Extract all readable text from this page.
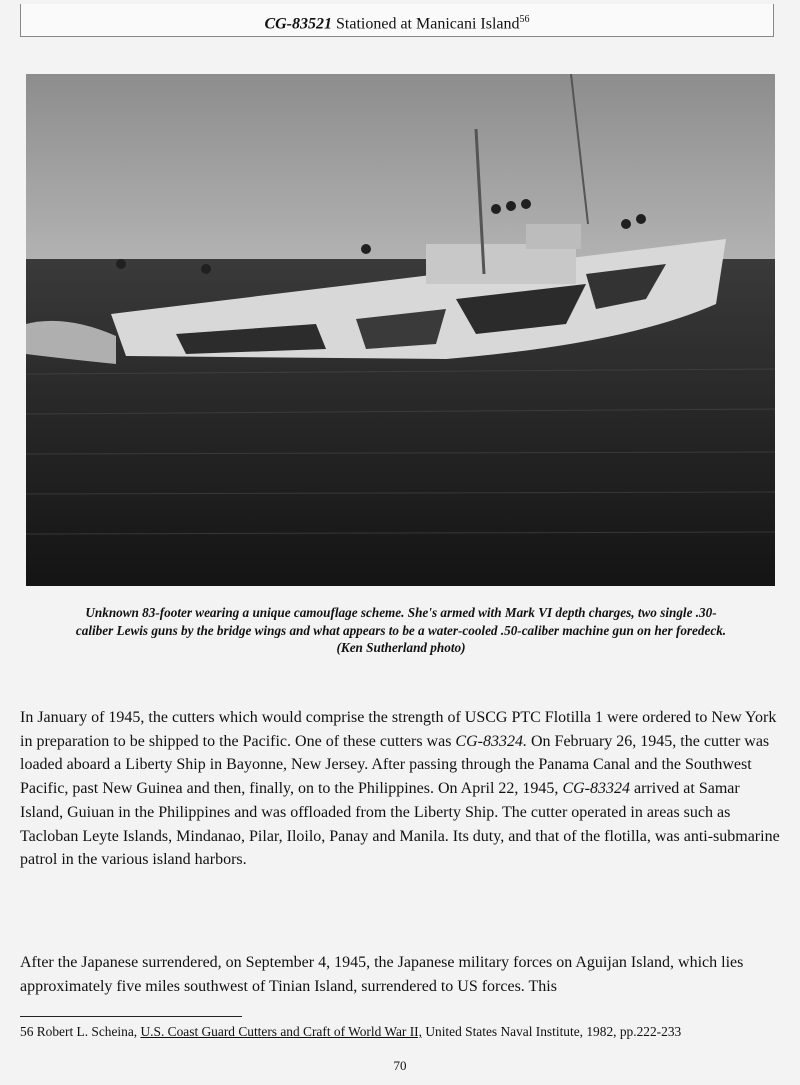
CG-83521 Stationed at Manicani Island$^{56}$
Unknown 83-footer wearing a unique camouflage scheme. She's armed with Mark VI depth charges, two single .30-
caliber Lewis guns by the bridge wings and what appears to be a water-cooled .50-caliber machine gun on her foredeck.
(Ken Sutherland photo)

In January of 1945, the cutters which would comprise the strength of USCG PTC Flotilla 1 were ordered to New York in preparation to be shipped to the Pacific. One of these cutters was CG-83324. On February 26, 1945, the cutter was loaded aboard a Liberty Ship in Bayonne, New Jersey. After passing through the Panama Canal and the Southwest Pacific, past New Guinea and then, finally, on to the Philippines. On April 22, 1945, CG-83324 arrived at Samar Island, Guiuan in the Philippines and was offloaded from the Liberty Ship. The cutter operated in areas such as Tacloban Leyte Islands, Mindanao, Pilar, Iloilo, Panay and Manila. Its duty, and that of the flotilla, was anti-submarine patrol in the various island harbors.

After the Japanese surrendered, on September 4, 1945, the Japanese military forces on Aguijan Island, which lies approximately five miles southwest of Tinian Island, surrendered to US forces. This

56 Robert L. Scheina, U.S. Coast Guard Cutters and Craft of World War II, United States Naval Institute, 1982, pp.222-233
70
